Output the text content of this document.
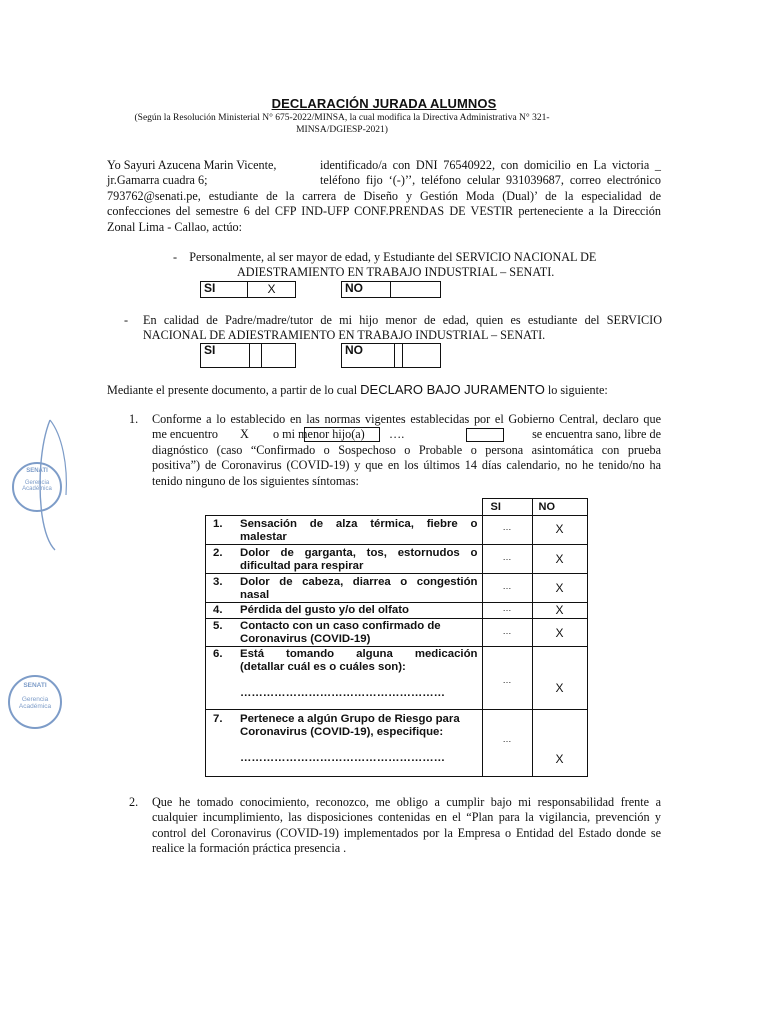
SENATI
Gerencia Académica
SENATI
Gerencia Académica
DECLARACIÓN JURADA ALUMNOS
(Según la Resolución Ministerial N° 675-2022/MINSA, la cual modifica la Directiva Administrativa N° 321-
MINSA/DGIESP-2021)
Yo Sayuri Azucena Marin Vicente,	identificado/a con DNI 76540922, con domicilio en La victoria _
jr.Gamarra cuadra 6;	teléfono fijo ‘(-)’’, teléfono celular 931039687, correo electrónico
793762@senati.pe, estudiante de la carrera de Diseño y Gestión Moda (Dual)’ de la especialidad de
confecciones del semestre 6 del CFP IND-UFP CONF.PRENDAS DE VESTIR perteneciente a la Dirección
Zonal Lima - Callao, actúo:
-    Personalmente, al ser mayor de edad, y Estudiante del SERVICIO NACIONAL DE
ADIESTRAMIENTO EN TRABAJO INDUSTRIAL – SENATI.
SI	X	NO
-	En calidad de Padre/madre/tutor de mi hijo menor de edad, quien es estudiante del SERVICIO
NACIONAL DE ADIESTRAMIENTO EN TRABAJO INDUSTRIAL – SENATI.
SI	NO
Mediante el presente documento, a partir de lo cual DECLARO BAJO JURAMENTO lo siguiente:
1. Conforme a lo establecido en las normas vigentes establecidas por el Gobierno Central, declaro que
me encuentro X o mi menor hijo(a) ….	se encuentra sano, libre de
diagnóstico (caso “Confirmado o Sospechoso o Probable o persona asintomática con prueba
positiva”) de Coronavirus (COVID-19) y que en los últimos 14 días calendario, no he tenido/no ha
tenido ninguno de los siguientes síntomas:
	SI	NO

1. Sensación de alza térmica, fiebre o
malestar	…	X

2. Dolor de garganta, tos, estornudos o
dificultad para respirar	…	X

3. Dolor de cabeza, diarrea o congestión
nasal	…	X

4. Pérdida del gusto y/o del olfato	…	X

5. Contacto con un caso confirmado de
Coronavirus (COVID-19)	…	X

6. Está tomando alguna medicación
(detallar cuál es o cuáles son):
………………………………………………	…	X

7. Pertenece a algún Grupo de Riesgo para
Coronavirus (COVID-19), especifique:
………………………………………………	…	X
2. Que he tomado conocimiento, reconozco, me obligo a cumplir bajo mi responsabilidad frente a
cualquier incumplimiento, las disposiciones contenidas en el “Plan para la vigilancia, prevención y
control del Coronavirus (COVID-19) implementados por la Empresa o Entidad del Estado donde se
realice la formación práctica presencia .
